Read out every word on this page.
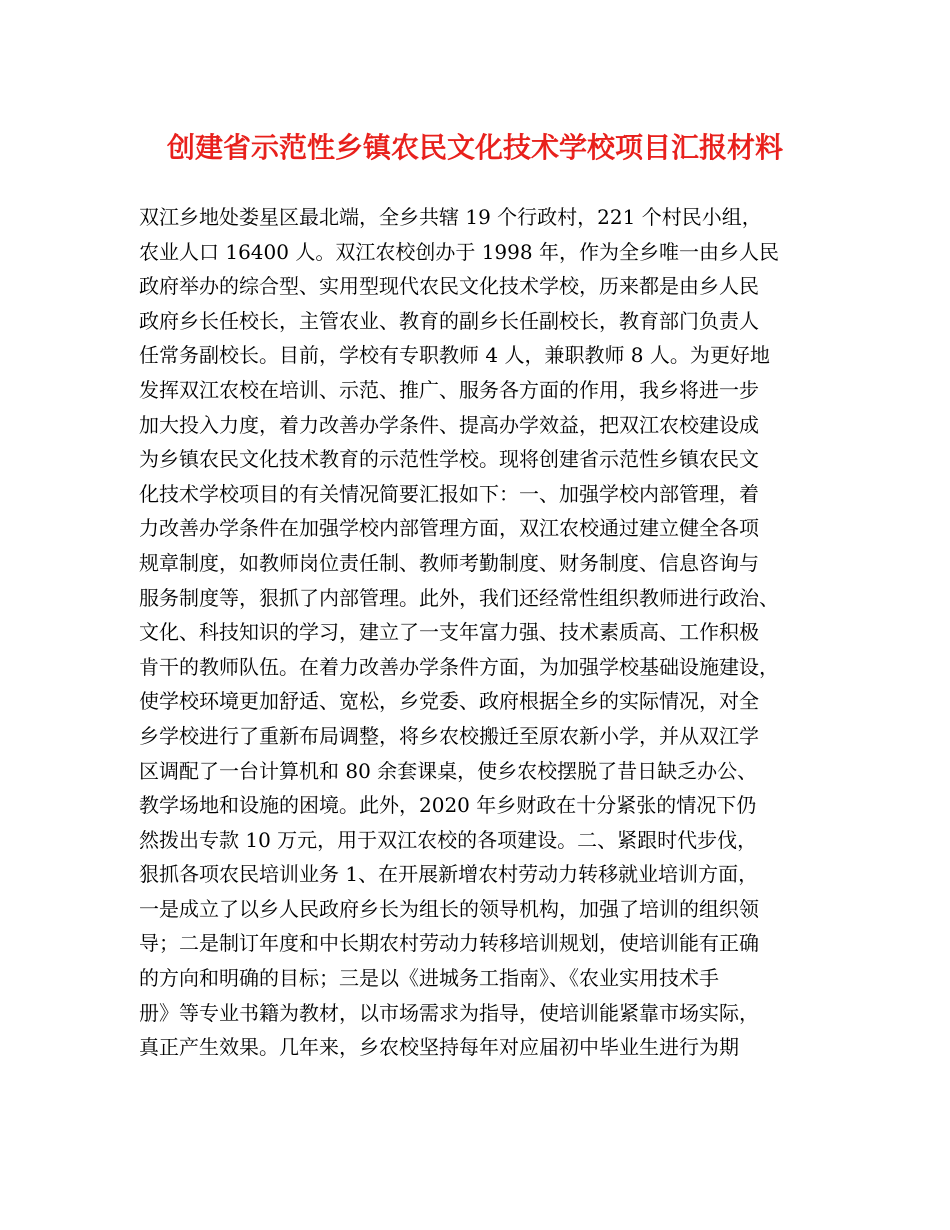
创建省示范性乡镇农民文化技术学校项目汇报材料
双江乡地处娄星区最北端，全乡共辖 19 个行政村，221 个村民小组，
农业人口 16400 人。双江农校创办于 1998 年，作为全乡唯一由乡人民
政府举办的综合型、实用型现代农民文化技术学校，历来都是由乡人民
政府乡长任校长，主管农业、教育的副乡长任副校长，教育部门负责人
任常务副校长。目前，学校有专职教师 4 人，兼职教师 8 人。为更好地
发挥双江农校在培训、示范、推广、服务各方面的作用，我乡将进一步
加大投入力度，着力改善办学条件、提高办学效益，把双江农校建设成
为乡镇农民文化技术教育的示范性学校。现将创建省示范性乡镇农民文
化技术学校项目的有关情况简要汇报如下：一、加强学校内部管理，着
力改善办学条件在加强学校内部管理方面，双江农校通过建立健全各项
规章制度，如教师岗位责任制、教师考勤制度、财务制度、信息咨询与
服务制度等，狠抓了内部管理。此外，我们还经常性组织教师进行政治、
文化、科技知识的学习，建立了一支年富力强、技术素质高、工作积极
肯干的教师队伍。在着力改善办学条件方面，为加强学校基础设施建设，
使学校环境更加舒适、宽松，乡党委、政府根据全乡的实际情况，对全
乡学校进行了重新布局调整，将乡农校搬迁至原农新小学，并从双江学
区调配了一台计算机和 80 余套课桌，使乡农校摆脱了昔日缺乏办公、
教学场地和设施的困境。此外，2020 年乡财政在十分紧张的情况下仍
然拨出专款 10 万元，用于双江农校的各项建设。二、紧跟时代步伐，
狠抓各项农民培训业务 1、在开展新增农村劳动力转移就业培训方面，
一是成立了以乡人民政府乡长为组长的领导机构，加强了培训的组织领
导；二是制订年度和中长期农村劳动力转移培训规划，使培训能有正确
的方向和明确的目标；三是以《进城务工指南》、《农业实用技术手
册》等专业书籍为教材，以市场需求为指导，使培训能紧靠市场实际，
真正产生效果。几年来，乡农校坚持每年对应届初中毕业生进行为期
